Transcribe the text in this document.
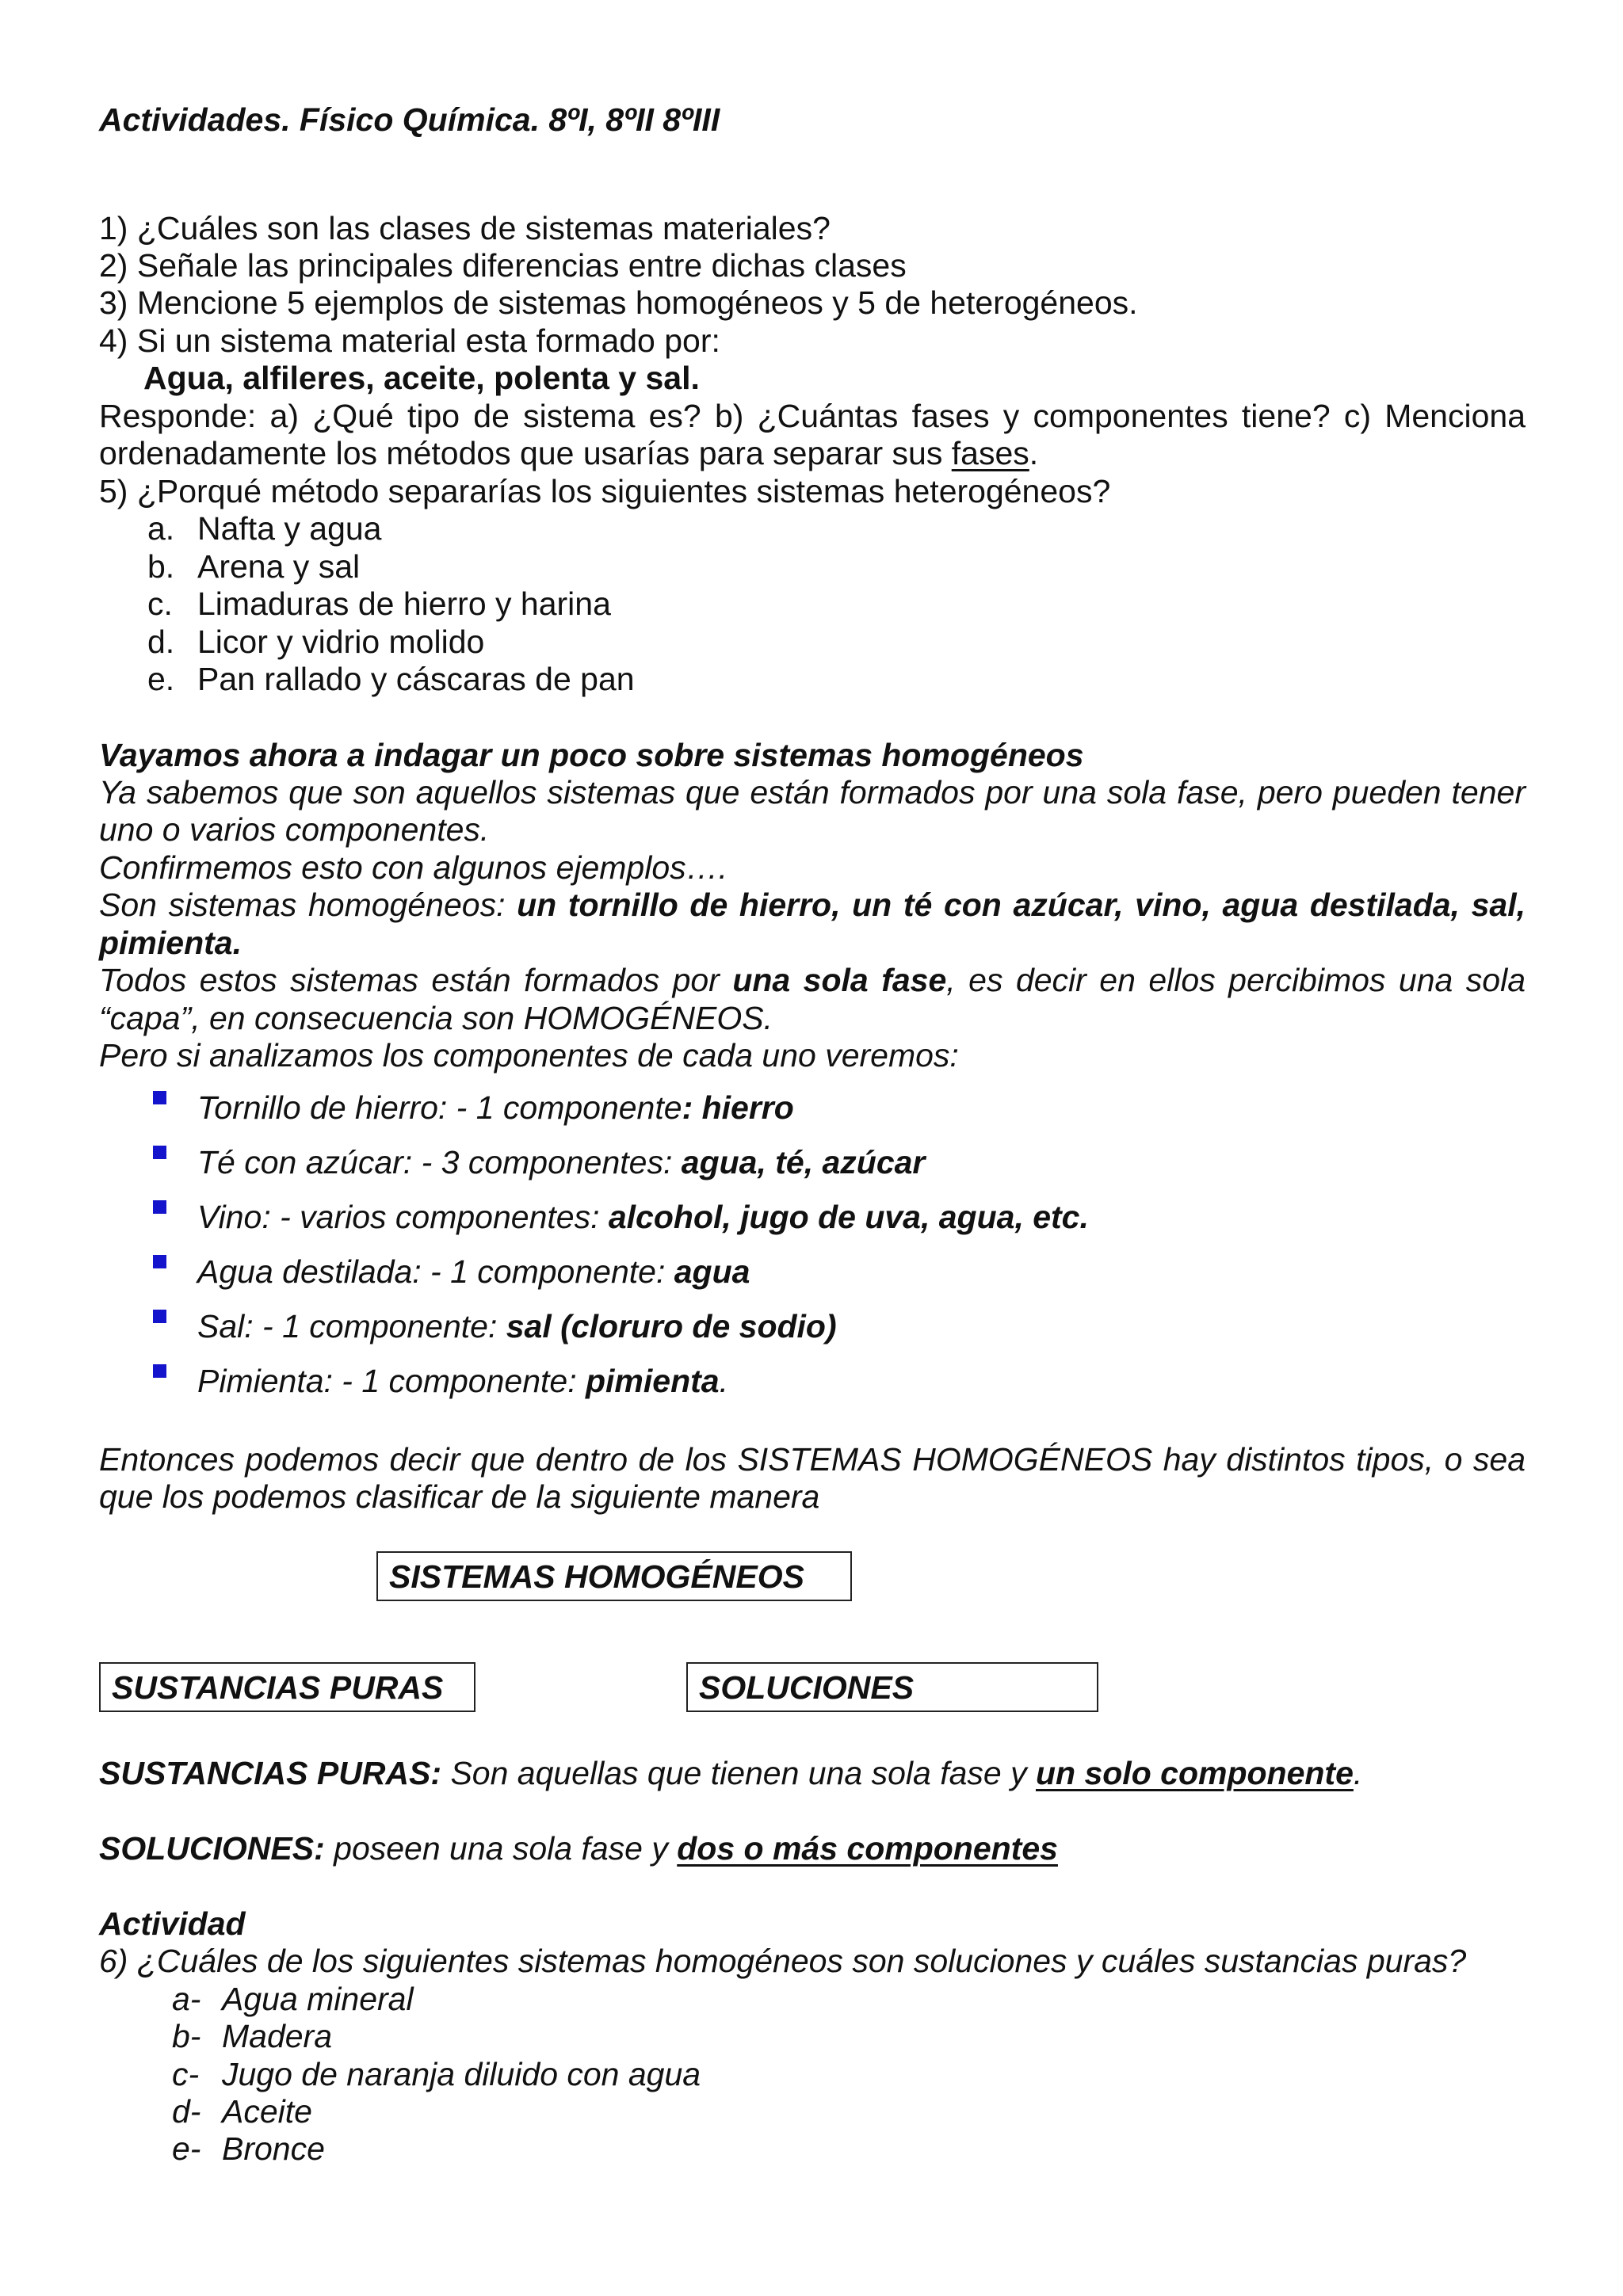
Actividades. Físico Química. 8ºI, 8ºII 8ºIII
1) ¿Cuáles son las clases de sistemas materiales?
2) Señale las principales diferencias entre dichas clases
3) Mencione 5 ejemplos de sistemas homogéneos y 5 de heterogéneos.
4) Si un sistema material esta formado por:
Agua, alfileres, aceite, polenta y sal.
Responde: a) ¿Qué tipo de sistema es? b) ¿Cuántas fases y componentes tiene? c) Menciona
ordenadamente los métodos que usarías para separar sus fases.
5) ¿Porqué método separarías los siguientes sistemas heterogéneos?
a. Nafta y agua
b. Arena y sal
c. Limaduras de hierro y harina
d. Licor y vidrio molido
e. Pan rallado y cáscaras de pan
Vayamos ahora a indagar un poco sobre sistemas homogéneos
Ya sabemos que son aquellos sistemas que están formados por una sola fase, pero pueden tener
uno o varios componentes.
Confirmemos esto con algunos ejemplos….
Son sistemas homogéneos: un tornillo de hierro, un té con azúcar, vino, agua destilada, sal,
pimienta.
Todos estos sistemas están formados por una sola fase, es decir en ellos percibimos una sola
“capa”, en consecuencia son HOMOGÉNEOS.
Pero si analizamos los componentes de cada uno veremos:
Tornillo de hierro: - 1 componente: hierro
Té con azúcar: - 3 componentes: agua, té, azúcar
Vino: - varios componentes: alcohol, jugo de uva, agua, etc.
Agua destilada: - 1 componente: agua
Sal: - 1 componente: sal (cloruro de sodio)
Pimienta: - 1 componente: pimienta.
Entonces podemos decir que dentro de los SISTEMAS HOMOGÉNEOS hay distintos tipos, o sea
que los podemos clasificar de la siguiente manera
SISTEMAS HOMOGÉNEOS
SUSTANCIAS PURAS	SOLUCIONES
SUSTANCIAS PURAS: Son aquellas que tienen una sola fase y un solo componente.
SOLUCIONES: poseen una sola fase y dos o más componentes
Actividad
6) ¿Cuáles de los siguientes sistemas homogéneos son soluciones y cuáles sustancias puras?
a- Agua mineral
b- Madera
c- Jugo de naranja diluido con agua
d- Aceite
e- Bronce
